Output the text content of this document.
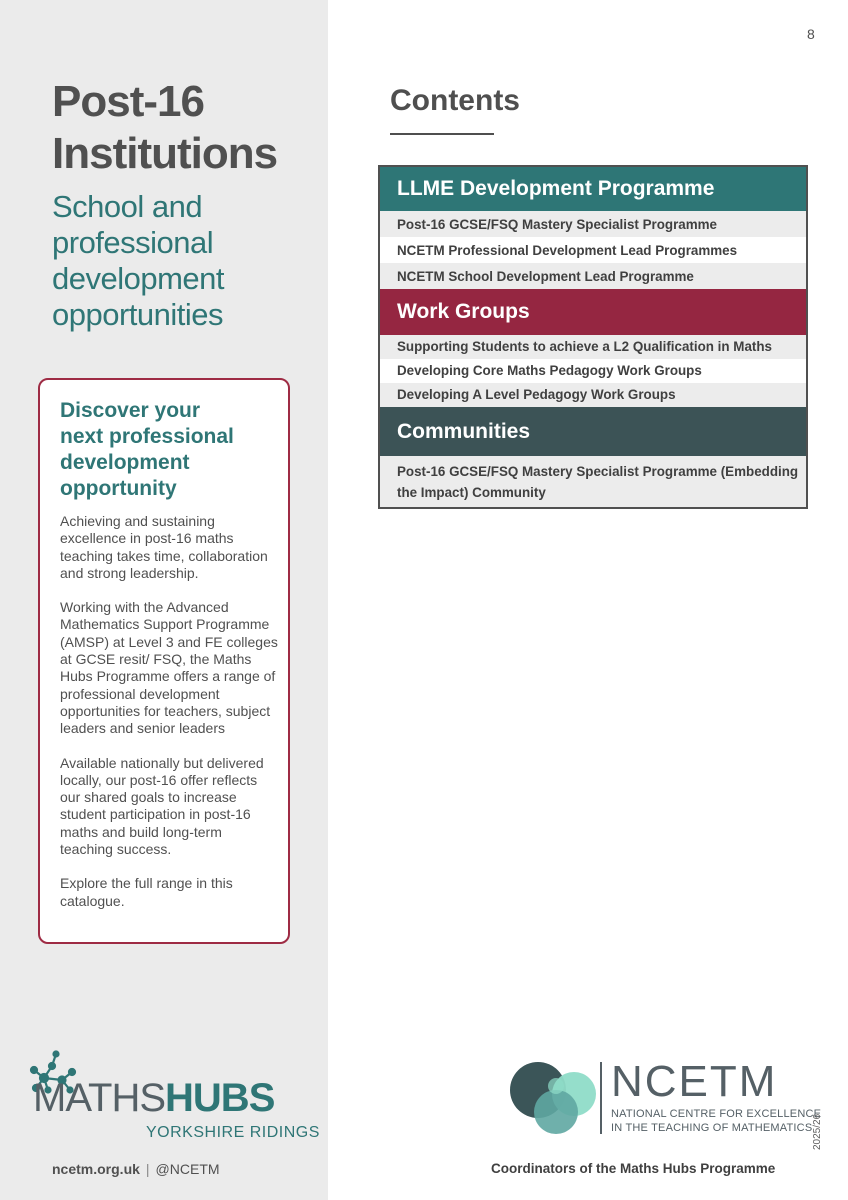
Post-16
Institutions

School and
professional
development
opportunities

Discover your
next professional
development
opportunity

Achieving and sustaining excellence in post-16 maths teaching takes time, collaboration and strong leadership.

Working with the Advanced Mathematics Support Programme (AMSP) at Level 3 and FE colleges at GCSE resit/ FSQ, the Maths Hubs Programme offers a range of professional development opportunities for teachers, subject leaders and senior leaders

Available nationally but delivered locally, our post-16 offer reflects our shared goals to increase student participation in post-16 maths and build long-term teaching success.

Explore the full range in this catalogue.

MATHSHUBS
YORKSHIRE RIDINGS
ncetm.org.uk | @NCETM
8
Contents
LLME Development Programme
Post-16 GCSE/FSQ Mastery Specialist Programme
NCETM Professional Development Lead Programmes
NCETM School Development Lead Programme
Work Groups
Supporting Students to achieve a L2 Qualification in Maths
Developing Core Maths Pedagogy Work Groups
Developing A Level Pedagogy Work Groups
Communities
Post-16 GCSE/FSQ Mastery Specialist Programme (Embedding the Impact) Community
NCETM
NATIONAL CENTRE FOR EXCELLENCE
IN THE TEACHING OF MATHEMATICS
Coordinators of the Maths Hubs Programme
2025/26
